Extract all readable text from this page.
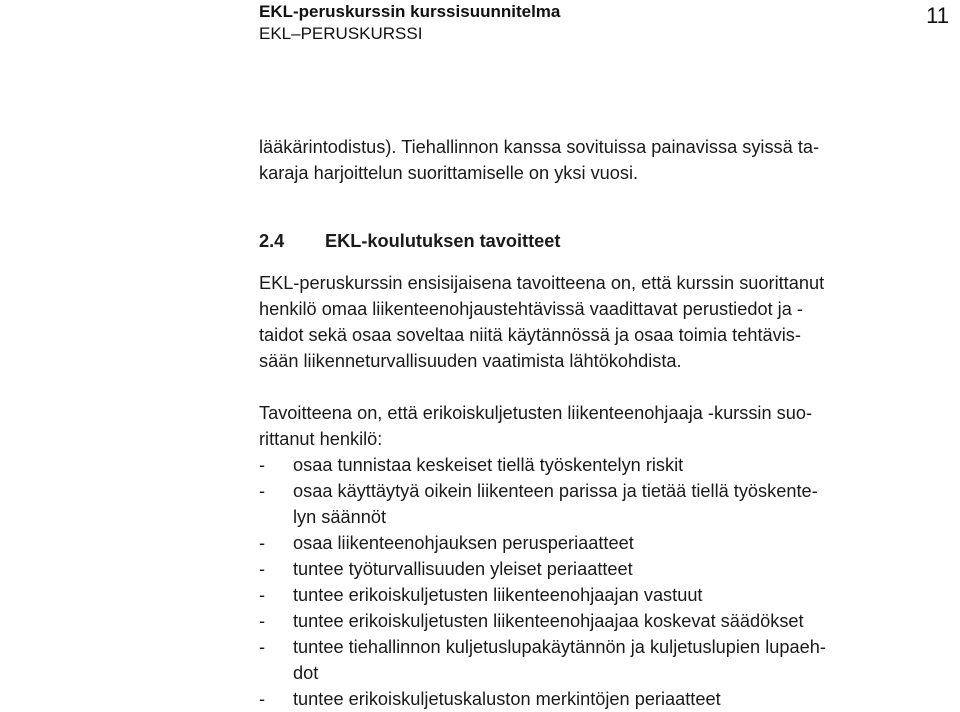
EKL-peruskurssin kurssisuunnitelma
EKL–PERUSKURSSI
11
lääkärintodistus). Tiehallinnon kanssa sovituissa painavissa syissä ta-
karaja harjoittelun suorittamiselle on yksi vuosi.
2.4 EKL-koulutuksen tavoitteet
EKL-peruskurssin ensisijaisena tavoitteena on, että kurssin suorittanut
henkilö omaa liikenteenohjaustehtävissä vaadittavat perustiedot ja -
taidot sekä osaa soveltaa niitä käytännössä ja osaa toimia tehtävis-
sään liikenneturvallisuuden vaatimista lähtökohdista.
Tavoitteena on, että erikoiskuljetusten liikenteenohjaaja -kurssin suo-
rittanut henkilö:
- osaa tunnistaa keskeiset tiellä työskentelyn riskit
- osaa käyttäytyä oikein liikenteen parissa ja tietää tiellä työskente-
lyn säännöt
- osaa liikenteenohjauksen perusperiaatteet
- tuntee työturvallisuuden yleiset periaatteet
- tuntee erikoiskuljetusten liikenteenohjaajan vastuut
- tuntee erikoiskuljetusten liikenteenohjaajaa koskevat säädökset
- tuntee tiehallinnon kuljetuslupakäytännön ja kuljetuslupien lupaeh-
dot
- tuntee erikoiskuljetuskaluston merkintöjen periaatteet
